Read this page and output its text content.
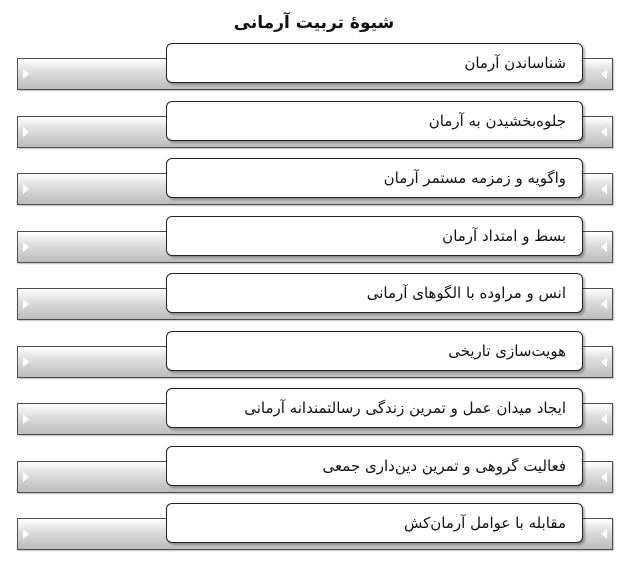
شیوۀ تربیت آرمانی
شناساندن آرمان
جلوه‌بخشیدن به آرمان
واگویه و زمزمه مستمر آرمان
بسط و امتداد آرمان
انس و مراوده با الگوهای آرمانی
هویت‌سازی تاریخی
ایجاد میدان عمل و تمرین زندگی رسالتمندانه آرمانی
فعالیت گروهی و تمرین دین‌داری جمعی
مقابله با عوامل آرمان‌کش
